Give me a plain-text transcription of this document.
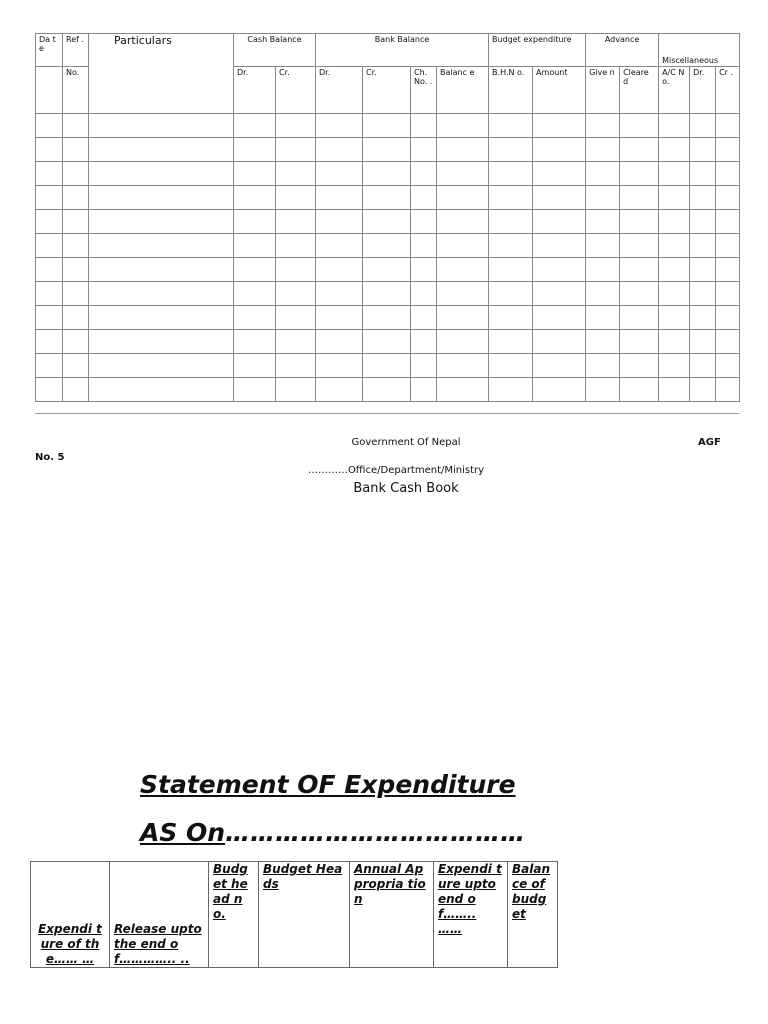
Da te	Ref .	Particulars	Cash Balance		Bank Balance				Budget expenditure		Advance		Miscellaneous		
	No.		Dr.	Cr.	Dr.	Cr.	Ch. No. .	Balanc e	B.H.N o.	Amount	Give n	Cleare d	A/C No.	Dr.	Cr .

Government Of Nepal	AGF
No. 5
…………Office/Department/Ministry
Bank Cash Book
Statement OF Expenditure
AS On………………………………
Expendi ture of the…… …	Release upto the end of………….. ..	Budg et head no.	Budget Heads	Annual Appropria tion	Expendi ture upto end of…….. ……	Balan ce of budg et
